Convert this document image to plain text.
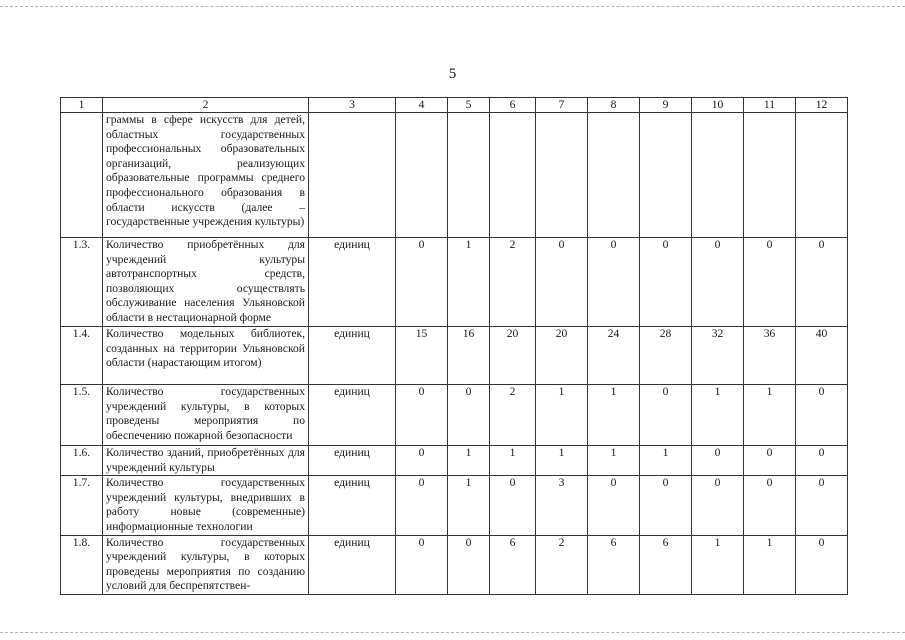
5
1	2	3	4	5	6	7	8	9	10	11	12
	граммы в сфере искусств для детей, областных государственных профессиональных образовательных организаций, реализующих образовательные программы среднего профессионального образования в области искусств (далее – государственные учреждения культуры)										
1.3.	Количество приобретённых для учреждений культуры автотранспортных средств, позволяющих осуществлять обслуживание населения Ульяновской области в нестационарной форме	единиц	0	1	2	0	0	0	0	0	0
1.4.	Количество модельных библиотек, созданных на территории Ульяновской области (нарастающим итогом)	единиц	15	16	20	20	24	28	32	36	40
1.5.	Количество государственных учреждений культуры, в которых проведены мероприятия по обеспечению пожарной безопасности	единиц	0	0	2	1	1	0	1	1	0
1.6.	Количество зданий, приобретённых для учреждений культуры	единиц	0	1	1	1	1	1	0	0	0
1.7.	Количество государственных учреждений культуры, внедривших в работу новые (современные) информационные технологии	единиц	0	1	0	3	0	0	0	0	0
1.8.	Количество государственных учреждений культуры, в которых проведены мероприятия по созданию условий для беспрепятствен-	единиц	0	0	6	2	6	6	1	1	0
